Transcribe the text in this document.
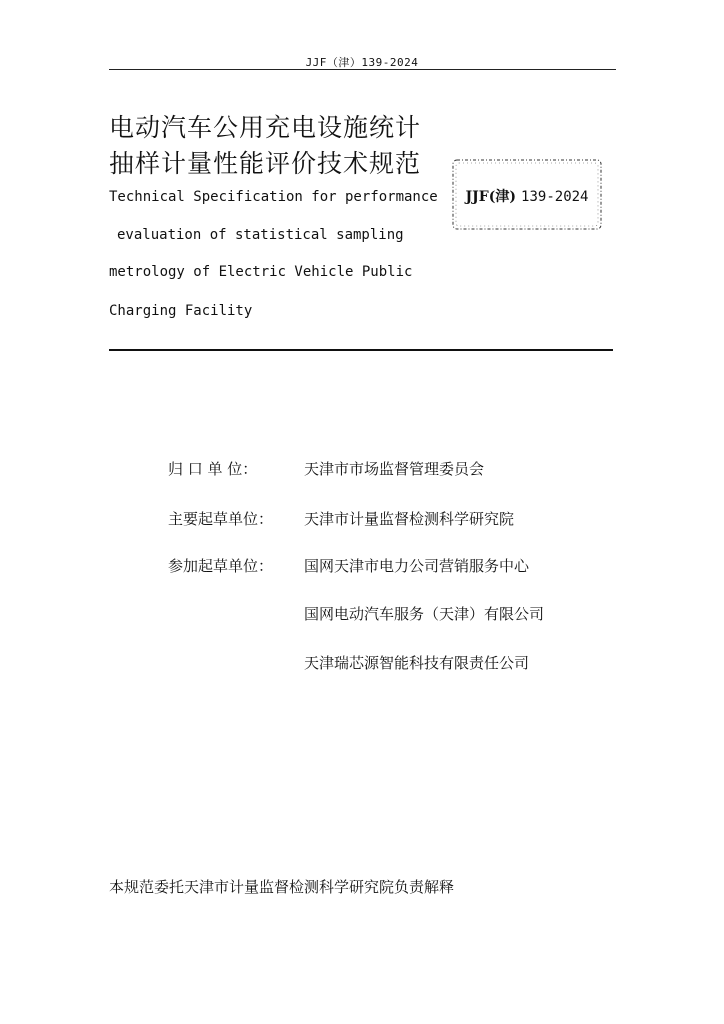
JJF（津）139-2024
电动汽车公用充电设施统计
抽样计量性能评价技术规范
Technical Specification for performance
evaluation of statistical sampling
metrology of Electric Vehicle Public
Charging Facility
JJF(津) 139-2024
归 口 单 位：	天津市市场监督管理委员会
主要起草单位：	天津市计量监督检测科学研究院
参加起草单位：	国网天津市电力公司营销服务中心
国网电动汽车服务（天津）有限公司
天津瑞芯源智能科技有限责任公司
本规范委托天津市计量监督检测科学研究院负责解释
